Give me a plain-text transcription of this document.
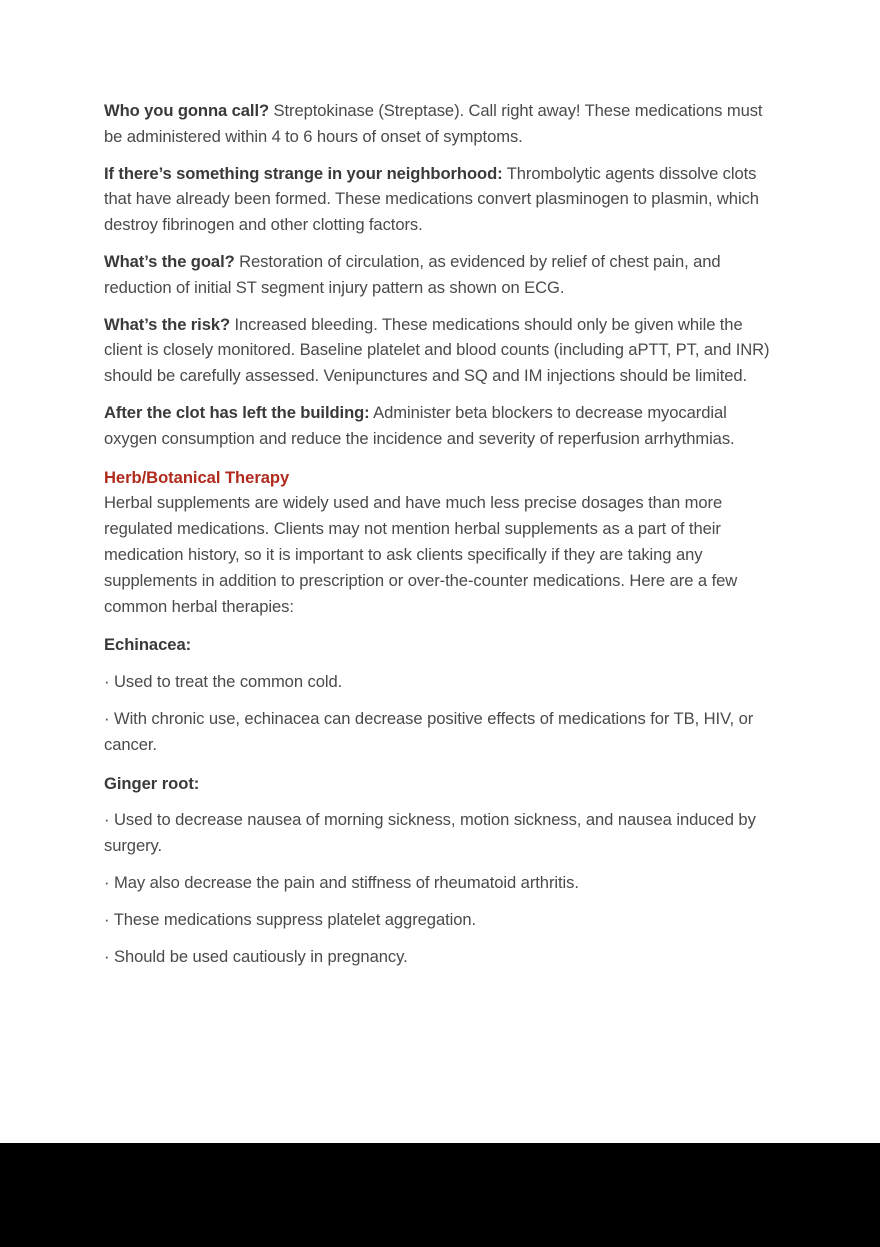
Who you gonna call? Streptokinase (Streptase). Call right away! These medications must be administered within 4 to 6 hours of onset of symptoms.

If there’s something strange in your neighborhood: Thrombolytic agents dissolve clots that have already been formed. These medications convert plasminogen to plasmin, which destroy fibrinogen and other clotting factors.

What’s the goal? Restoration of circulation, as evidenced by relief of chest pain, and reduction of initial ST segment injury pattern as shown on ECG.

What’s the risk? Increased bleeding. These medications should only be given while the client is closely monitored. Baseline platelet and blood counts (including aPTT, PT, and INR) should be carefully assessed. Venipunctures and SQ and IM injections should be limited.

After the clot has left the building: Administer beta blockers to decrease myocardial oxygen consumption and reduce the incidence and severity of reperfusion arrhythmias.

Herb/Botanical Therapy

Herbal supplements are widely used and have much less precise dosages than more regulated medications. Clients may not mention herbal supplements as a part of their medication history, so it is important to ask clients specifically if they are taking any supplements in addition to prescription or over-the-counter medications. Here are a few common herbal therapies:

Echinacea:

· Used to treat the common cold.

· With chronic use, echinacea can decrease positive effects of medications for TB, HIV, or cancer.

Ginger root:

· Used to decrease nausea of morning sickness, motion sickness, and nausea induced by surgery.

· May also decrease the pain and stiffness of rheumatoid arthritis.

· These medications suppress platelet aggregation.

· Should be used cautiously in pregnancy.
